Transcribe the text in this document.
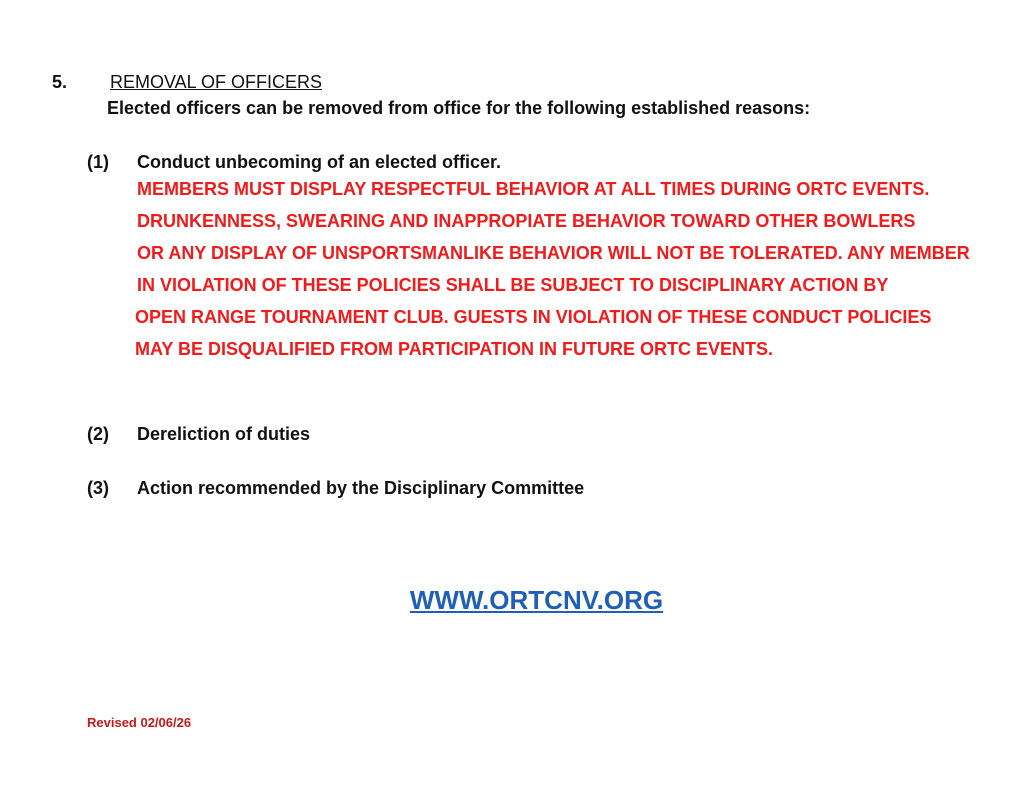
5. REMOVAL OF OFFICERS
Elected officers can be removed from office for the following established reasons:
(1) Conduct unbecoming of an elected officer.
MEMBERS MUST DISPLAY RESPECTFUL BEHAVIOR AT ALL TIMES DURING ORTC EVENTS.
DRUNKENNESS, SWEARING AND INAPPROPIATE BEHAVIOR TOWARD OTHER BOWLERS
OR ANY DISPLAY OF UNSPORTSMANLIKE BEHAVIOR WILL NOT BE TOLERATED. ANY MEMBER
IN VIOLATION OF THESE POLICIES SHALL BE SUBJECT TO DISCIPLINARY ACTION BY
OPEN RANGE TOURNAMENT CLUB. GUESTS IN VIOLATION OF THESE CONDUCT POLICIES
MAY BE DISQUALIFIED FROM PARTICIPATION IN FUTURE ORTC EVENTS.
(2) Dereliction of duties
(3) Action recommended by the Disciplinary Committee
WWW.ORTCNV.ORG
Revised 02/06/26
